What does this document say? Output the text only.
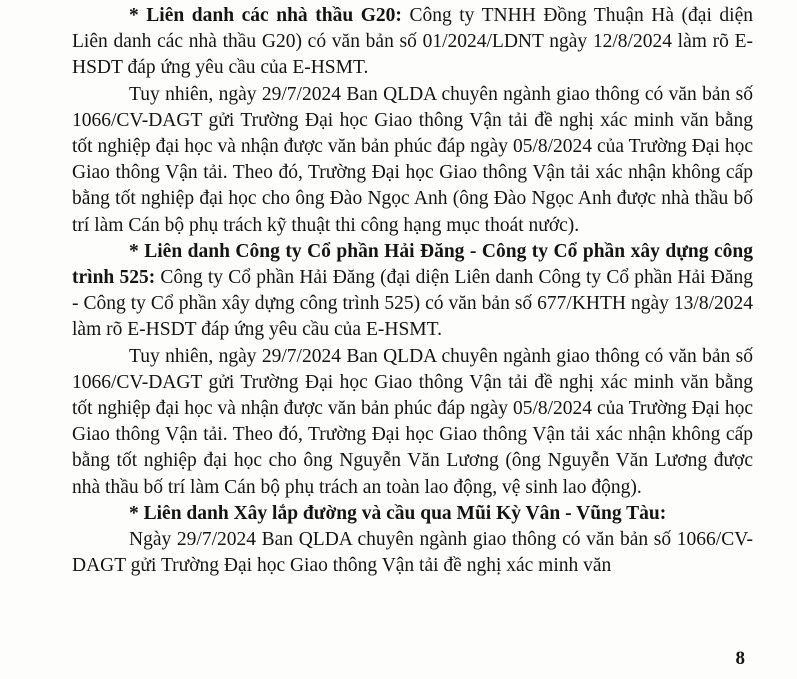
* Liên danh các nhà thầu G20: Công ty TNHH Đồng Thuận Hà (đại diện Liên danh các nhà thầu G20) có văn bản số 01/2024/LDNT ngày 12/8/2024 làm rõ E-HSDT đáp ứng yêu cầu của E-HSMT.

Tuy nhiên, ngày 29/7/2024 Ban QLDA chuyên ngành giao thông có văn bản số 1066/CV-DAGT gửi Trường Đại học Giao thông Vận tải đề nghị xác minh văn bằng tốt nghiệp đại học và nhận được văn bản phúc đáp ngày 05/8/2024 của Trường Đại học Giao thông Vận tải. Theo đó, Trường Đại học Giao thông Vận tải xác nhận không cấp bằng tốt nghiệp đại học cho ông Đào Ngọc Anh (ông Đào Ngọc Anh được nhà thầu bố trí làm Cán bộ phụ trách kỹ thuật thi công hạng mục thoát nước).

* Liên danh Công ty Cổ phần Hải Đăng - Công ty Cổ phần xây dựng công trình 525: Công ty Cổ phần Hải Đăng (đại diện Liên danh Công ty Cổ phần Hải Đăng - Công ty Cổ phần xây dựng công trình 525) có văn bản số 677/KHTH ngày 13/8/2024 làm rõ E-HSDT đáp ứng yêu cầu của E-HSMT.

Tuy nhiên, ngày 29/7/2024 Ban QLDA chuyên ngành giao thông có văn bản số 1066/CV-DAGT gửi Trường Đại học Giao thông Vận tải đề nghị xác minh văn bằng tốt nghiệp đại học và nhận được văn bản phúc đáp ngày 05/8/2024 của Trường Đại học Giao thông Vận tải. Theo đó, Trường Đại học Giao thông Vận tải xác nhận không cấp bằng tốt nghiệp đại học cho ông Nguyễn Văn Lương (ông Nguyễn Văn Lương được nhà thầu bố trí làm Cán bộ phụ trách an toàn lao động, vệ sinh lao động).

* Liên danh Xây lắp đường và cầu qua Mũi Kỳ Vân - Vũng Tàu:

Ngày 29/7/2024 Ban QLDA chuyên ngành giao thông có văn bản số 1066/CV-DAGT gửi Trường Đại học Giao thông Vận tải đề nghị xác minh văn

8
